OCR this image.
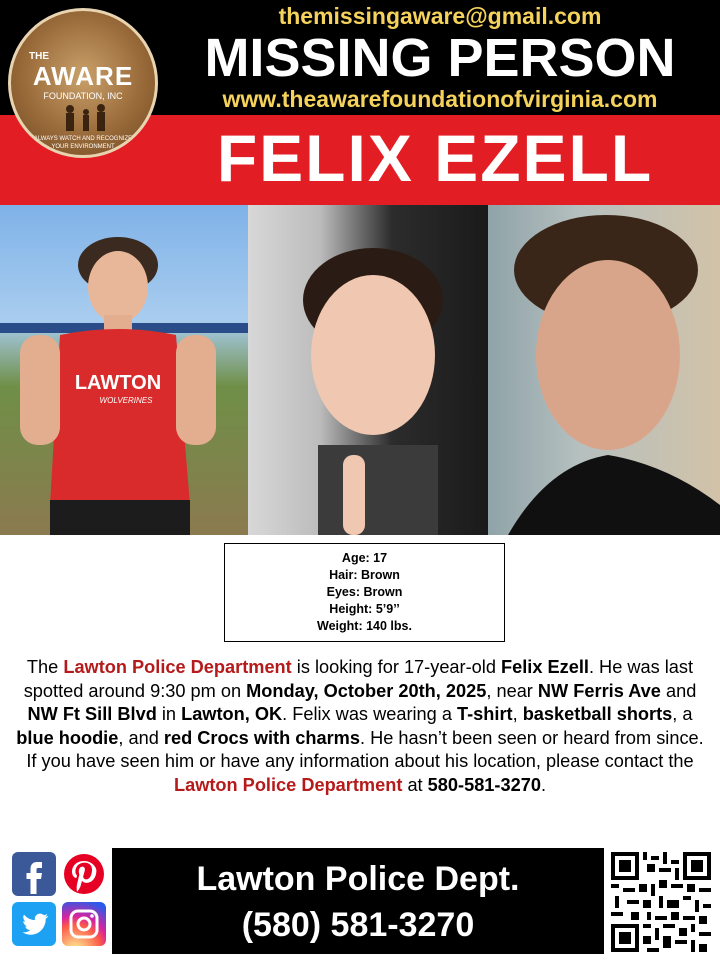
themissingaware@gmail.com
MISSING PERSON
www.theawarefoundationofvirginia.com
FELIX EZELL
THE
AWARE
FOUNDATION, INC
ALWAYS WATCH AND RECOGNIZE
YOUR ENVIRONMENT
LAWTON
WOLVERINES
Age: 17
Hair: Brown
Eyes: Brown
Height: 5’9’’
Weight: 140 lbs.
The Lawton Police Department is looking for 17-year-old Felix Ezell. He was last spotted around 9:30 pm on Monday, October 20th, 2025, near NW Ferris Ave and NW Ft Sill Blvd in Lawton, OK. Felix was wearing a T-shirt, basketball shorts, a blue hoodie, and red Crocs with charms. He hasn’t been seen or heard from since. If you have seen him or have any information about his location, please contact the Lawton Police Department at 580-581-3270.
Lawton Police Dept.
(580) 581-3270
